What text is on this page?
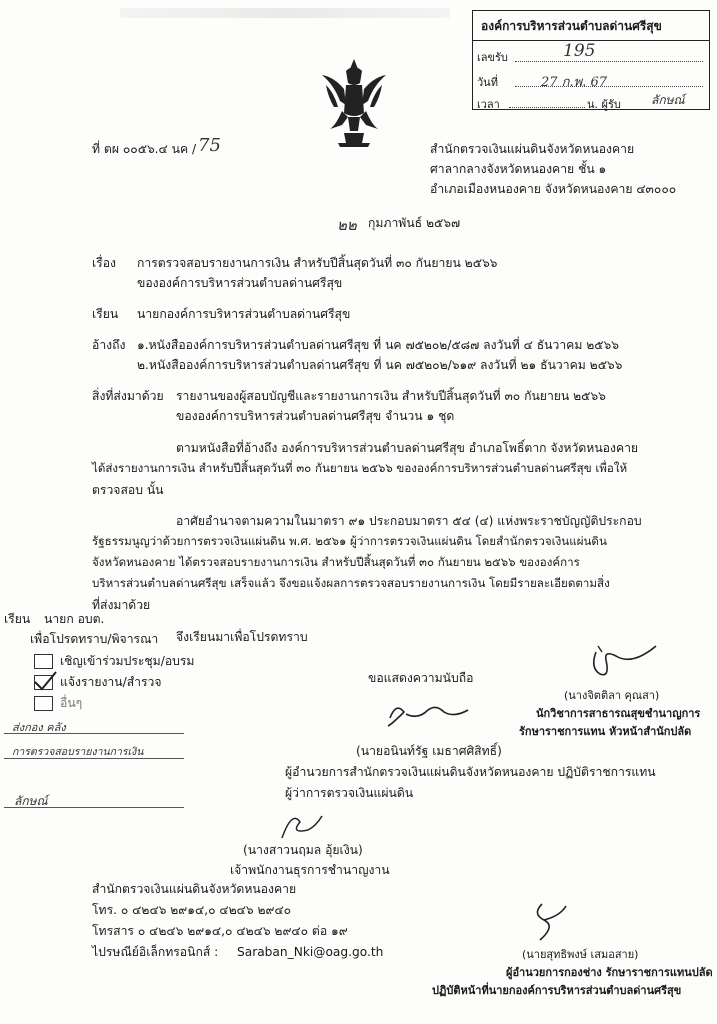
องค์การบริหารส่วนตำบลด่านศรีสุข
เลขรับ	195
วันที่	27 ก.พ. 67
เวลา	น. ผู้รับ	ลักษณ์
ที่ ตผ ๐๐๕๖.๔ นค / 75	สำนักตรวจเงินแผ่นดินจังหวัดหนองคาย
ศาลากลางจังหวัดหนองคาย ชั้น ๑
อำเภอเมืองหนองคาย จังหวัดหนองคาย ๔๓๐๐๐
๒๒ กุมภาพันธ์ ๒๕๖๗
เรื่อง การตรวจสอบรายงานการเงิน สำหรับปีสิ้นสุดวันที่ ๓๐ กันยายน ๒๕๖๖
ขององค์การบริหารส่วนตำบลด่านศรีสุข
เรียน นายกองค์การบริหารส่วนตำบลด่านศรีสุข
อ้างถึง ๑.หนังสือองค์การบริหารส่วนตำบลด่านศรีสุข ที่ นค ๗๕๒๐๒/๕๘๗ ลงวันที่ ๔ ธันวาคม ๒๕๖๖
๒.หนังสือองค์การบริหารส่วนตำบลด่านศรีสุข ที่ นค ๗๕๒๐๒/๖๑๙ ลงวันที่ ๒๑ ธันวาคม ๒๕๖๖
สิ่งที่ส่งมาด้วย รายงานของผู้สอบบัญชีและรายงานการเงิน สำหรับปีสิ้นสุดวันที่ ๓๐ กันยายน ๒๕๖๖
ขององค์การบริหารส่วนตำบลด่านศรีสุข จำนวน ๑ ชุด
ตามหนังสือที่อ้างถึง องค์การบริหารส่วนตำบลด่านศรีสุข อำเภอโพธิ์ตาก จังหวัดหนองคาย
ได้ส่งรายงานการเงิน สำหรับปีสิ้นสุดวันที่ ๓๐ กันยายน ๒๕๖๖ ขององค์การบริหารส่วนตำบลด่านศรีสุข เพื่อให้
ตรวจสอบ นั้น
อาศัยอำนาจตามความในมาตรา ๙๑ ประกอบมาตรา ๕๔ (๔) แห่งพระราชบัญญัติประกอบ
รัฐธรรมนูญว่าด้วยการตรวจเงินแผ่นดิน พ.ศ. ๒๕๖๑ ผู้ว่าการตรวจเงินแผ่นดิน โดยสำนักตรวจเงินแผ่นดิน
จังหวัดหนองคาย ได้ตรวจสอบรายงานการเงิน สำหรับปีสิ้นสุดวันที่ ๓๐ กันยายน ๒๕๖๖ ขององค์การ
บริหารส่วนตำบลด่านศรีสุข เสร็จแล้ว จึงขอแจ้งผลการตรวจสอบรายงานการเงิน โดยมีรายละเอียดตามสิ่ง
ที่ส่งมาด้วย
จึงเรียนมาเพื่อโปรดทราบ
เรียน นายก อบต.
เพื่อโปรดทราบ/พิจารณา
เชิญเข้าร่วมประชุม/อบรม
แจ้งรายงาน/สำรวจ
อื่นๆ
ส่งกอง คลัง
การตรวจสอบรายงานการเงิน
ลักษณ์
ขอแสดงความนับถือ
(นายอนินท์รัฐ เมธาศศิสิทธิ์)
ผู้อำนวยการสำนักตรวจเงินแผ่นดินจังหวัดหนองคาย ปฏิบัติราชการแทน
ผู้ว่าการตรวจเงินแผ่นดิน
(นางจิตติลา คุณสา)
นักวิชาการสาธารณสุขชำนาญการ
รักษาราชการแทน หัวหน้าสำนักปลัด
(นางสาวนฤมล อุ้ยเงิน)
เจ้าพนักงานธุรการชำนาญงาน
สำนักตรวจเงินแผ่นดินจังหวัดหนองคาย
โทร. ๐ ๔๒๔๖ ๒๙๑๔,๐ ๔๒๔๖ ๒๙๔๐
โทรสาร ๐ ๔๒๔๖ ๒๙๑๔,๐ ๔๒๔๖ ๒๙๔๐ ต่อ ๑๙
ไปรษณีย์อิเล็กทรอนิกส์ : Saraban_Nki@oag.go.th	(นายสุทธิพงษ์ เสมอสาย)
ผู้อำนวยการกองช่าง รักษาราชการแทนปลัด
ปฏิบัติหน้าที่นายกองค์การบริหารส่วนตำบลด่านศรีสุข
